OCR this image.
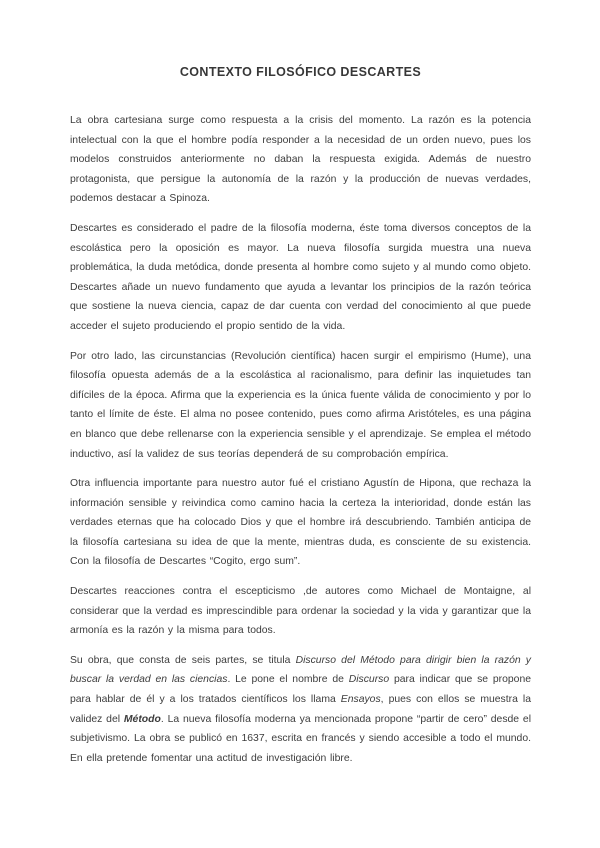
CONTEXTO FILOSÓFICO DESCARTES

La obra cartesiana surge como respuesta a la crisis del momento. La razón es la potencia intelectual con la que el hombre podía responder a la necesidad de un orden nuevo, pues los modelos construidos anteriormente no daban la respuesta exigida. Además de nuestro protagonista, que persigue la autonomía de la razón y la producción de nuevas verdades, podemos destacar a Spinoza.

Descartes es considerado el padre de la filosofía moderna, éste toma diversos conceptos de la escolástica pero la oposición es mayor. La nueva filosofía surgida muestra una nueva problemática, la duda metódica, donde presenta al hombre como sujeto y al mundo como objeto. Descartes añade un nuevo fundamento que ayuda a levantar los principios de la razón teórica que sostiene la nueva ciencia, capaz de dar cuenta con verdad del conocimiento al que puede acceder el sujeto produciendo el propio sentido de la vida.

Por otro lado, las circunstancias (Revolución científica) hacen surgir el empirismo (Hume), una filosofía opuesta además de a la escolástica al racionalismo, para definir las inquietudes tan difíciles de la época. Afirma que la experiencia es la única fuente válida de conocimiento y por lo tanto el límite de éste. El alma no posee contenido, pues como afirma Aristóteles, es una página en blanco que debe rellenarse con la experiencia sensible y el aprendizaje. Se emplea el método inductivo, así la validez de sus teorías dependerá de su comprobación empírica.

Otra influencia importante para nuestro autor fué el cristiano Agustín de Hipona, que rechaza la información sensible y reivindica como camino hacia la certeza la interioridad, donde están las verdades eternas que ha colocado Dios y que el hombre irá descubriendo. También anticipa de la filosofía cartesiana su idea de que la mente, mientras duda, es consciente de su existencia. Con la filosofía de Descartes “Cogito, ergo sum”.

Descartes reacciones contra el escepticismo ,de autores como Michael de Montaigne, al considerar que la verdad es imprescindible para ordenar la sociedad y la vida y garantizar que la armonía es la razón y la misma para todos.

Su obra, que consta de seis partes, se titula Discurso del Método para dirigir bien la razón y buscar la verdad en las ciencias. Le pone el nombre de Discurso para indicar que se propone para hablar de él y a los tratados científicos los llama Ensayos, pues con ellos se muestra la validez del Método. La nueva filosofía moderna ya mencionada propone “partir de cero” desde el subjetivismo. La obra se publicó en 1637, escrita en francés y siendo accesible a todo el mundo. En ella pretende fomentar una actitud de investigación libre.
